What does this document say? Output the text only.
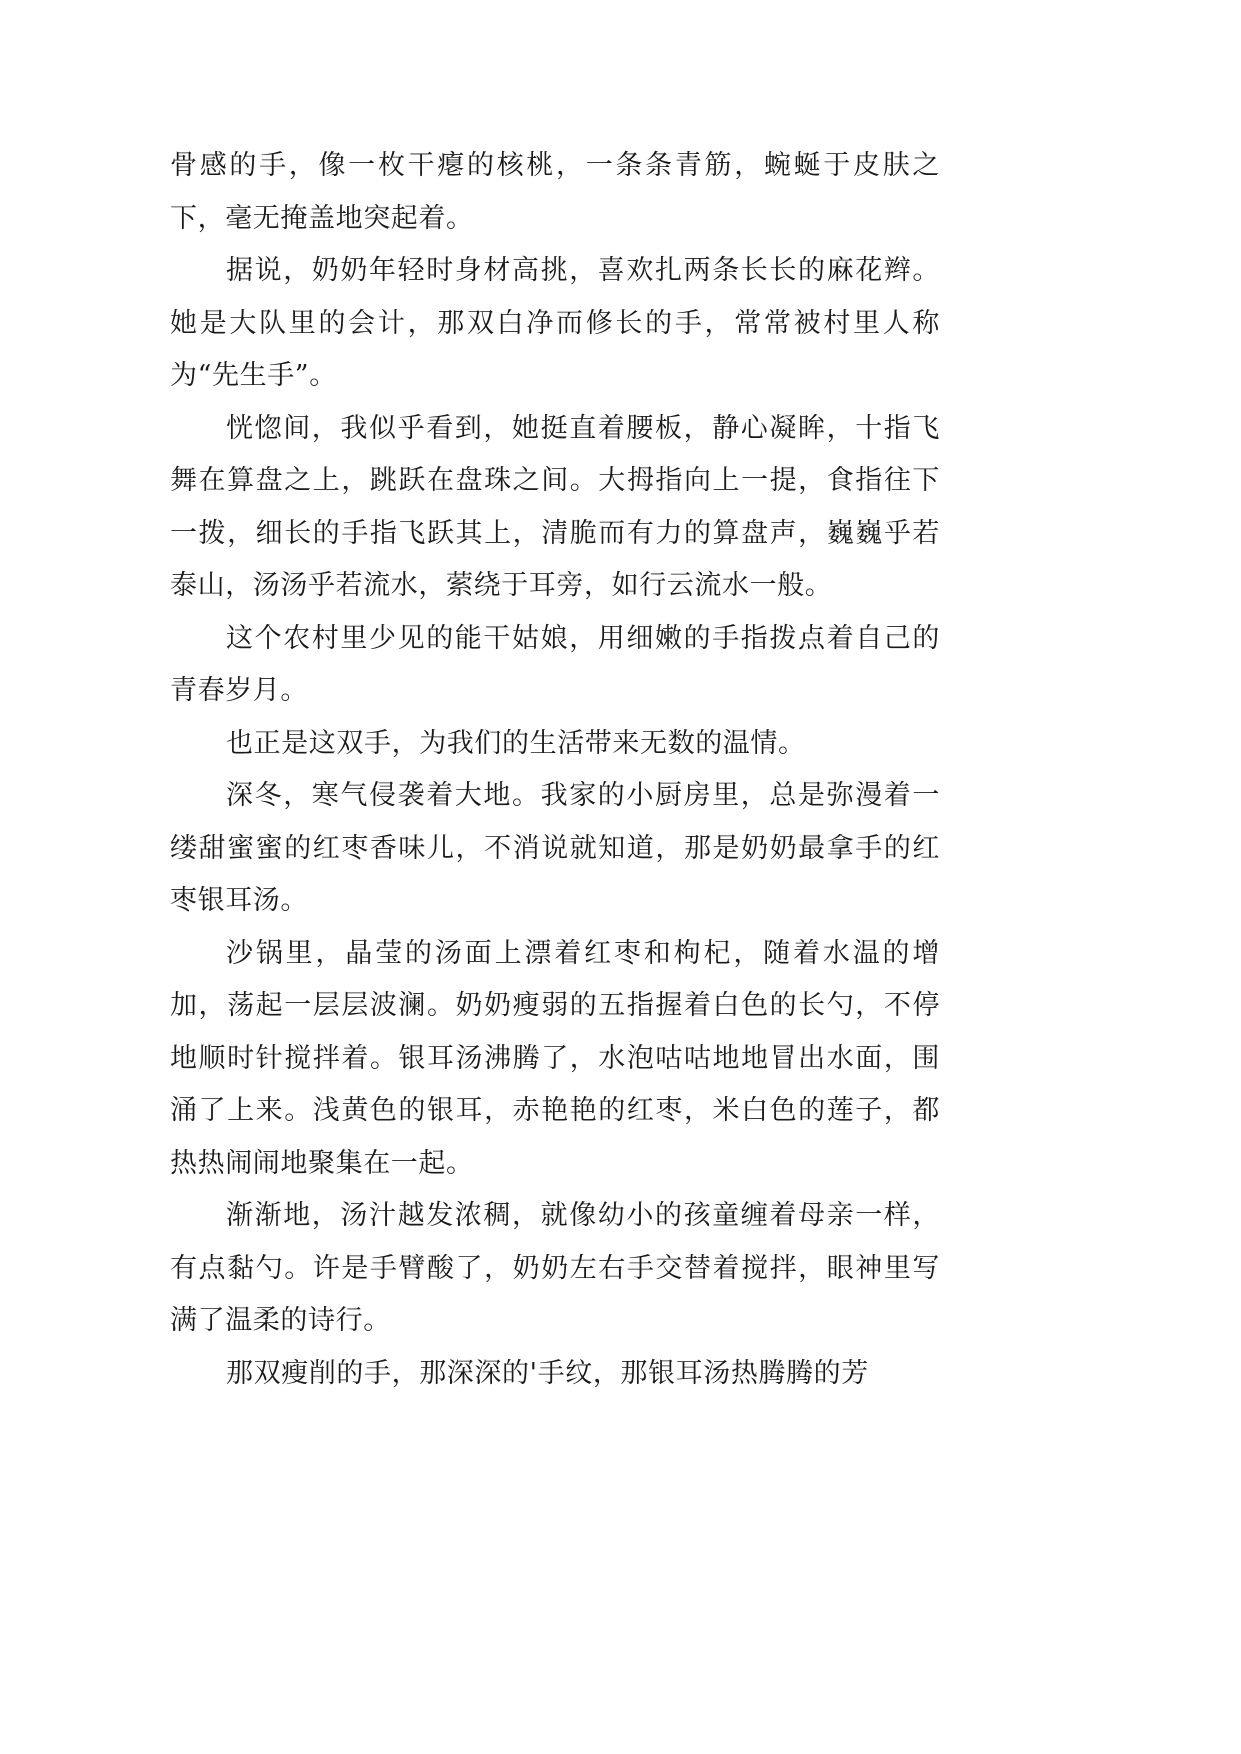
骨感的手，像一枚干瘪的核桃，一条条青筋，蜿蜒于皮肤之下，毫无掩盖地突起着。

据说，奶奶年轻时身材高挑，喜欢扎两条长长的麻花辫。她是大队里的会计，那双白净而修长的手，常常被村里人称为“先生手”。

恍惚间，我似乎看到，她挺直着腰板，静心凝眸，十指飞舞在算盘之上，跳跃在盘珠之间。大拇指向上一提，食指往下一拨，细长的手指飞跃其上，清脆而有力的算盘声，巍巍乎若泰山，汤汤乎若流水，萦绕于耳旁，如行云流水一般。

这个农村里少见的能干姑娘，用细嫩的手指拨点着自己的青春岁月。

也正是这双手，为我们的生活带来无数的温情。

深冬，寒气侵袭着大地。我家的小厨房里，总是弥漫着一缕甜蜜蜜的红枣香味儿，不消说就知道，那是奶奶最拿手的红枣银耳汤。

沙锅里，晶莹的汤面上漂着红枣和枸杞，随着水温的增加，荡起一层层波澜。奶奶瘦弱的五指握着白色的长勺，不停地顺时针搅拌着。银耳汤沸腾了，水泡咕咕地地冒出水面，围涌了上来。浅黄色的银耳，赤艳艳的红枣，米白色的莲子，都热热闹闹地聚集在一起。

渐渐地，汤汁越发浓稠，就像幼小的孩童缠着母亲一样，有点黏勺。许是手臂酸了，奶奶左右手交替着搅拌，眼神里写满了温柔的诗行。

那双瘦削的手，那深深的'手纹，那银耳汤热腾腾的芳
